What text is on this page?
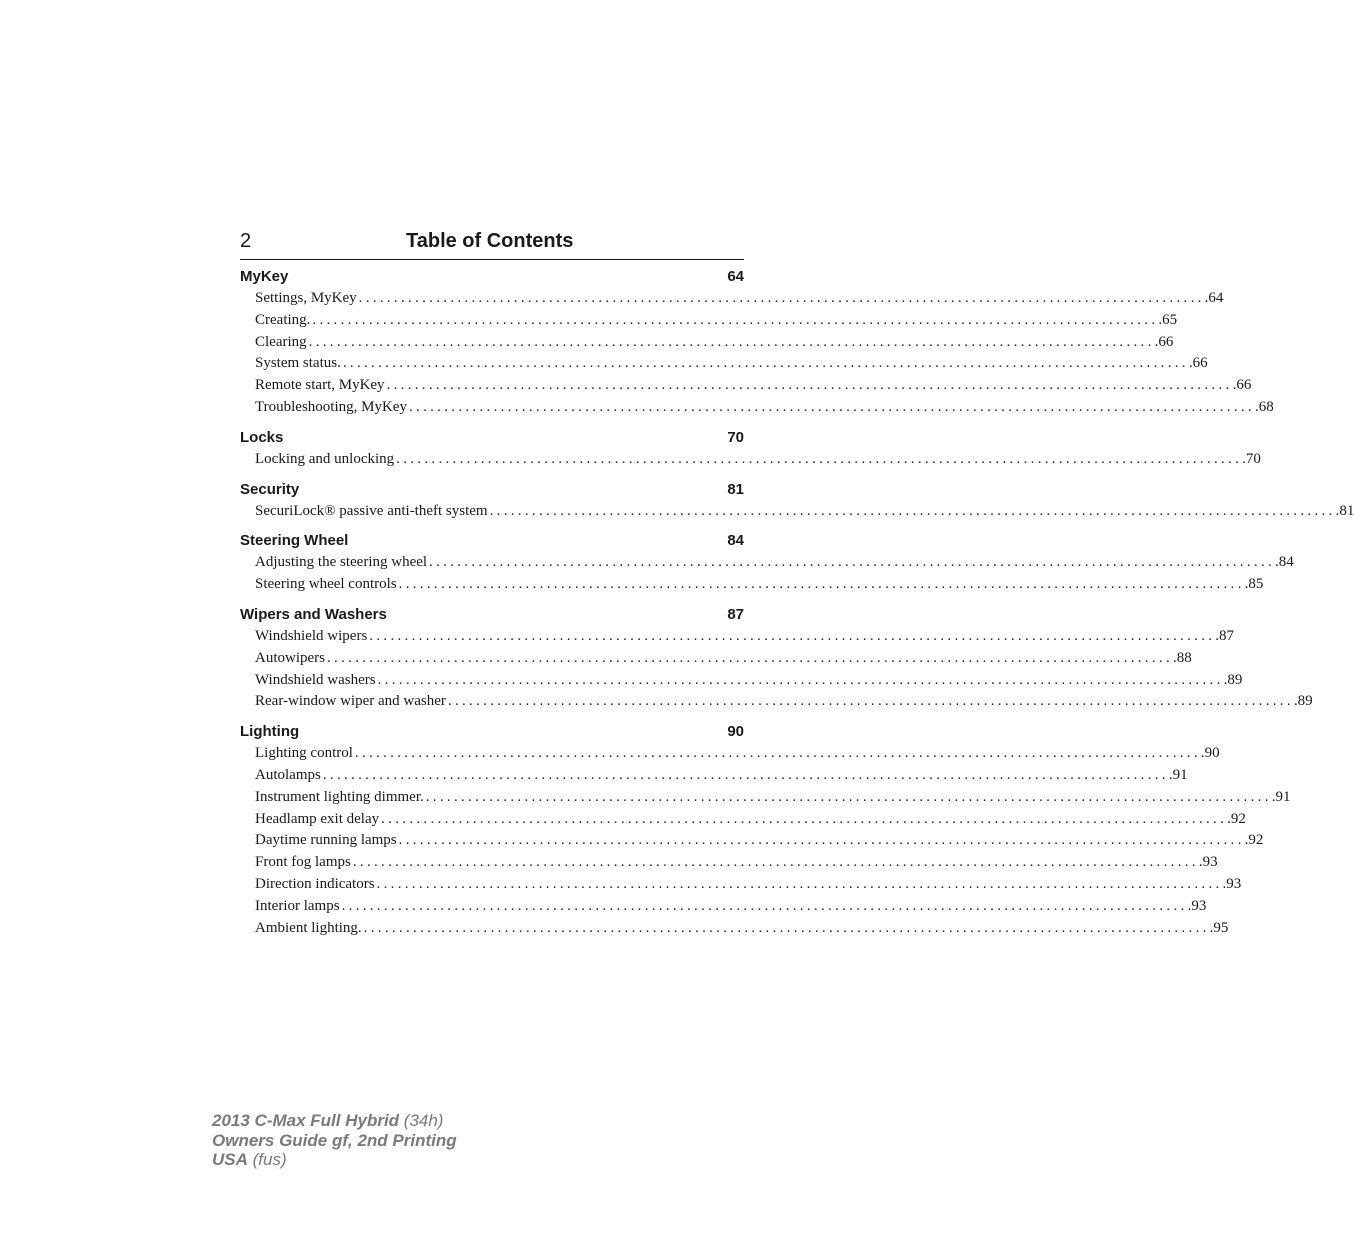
2	Table of Contents
MyKey	64
Settings, MyKey ........................................................................................................................ .64
Creating. ........................................................................................................................ .65
Clearing ........................................................................................................................ .66
System status. ........................................................................................................................ .66
Remote start, MyKey ........................................................................................................................ .66
Troubleshooting, MyKey ........................................................................................................................ .68
Locks	70
Locking and unlocking ........................................................................................................................ .70
Security	81
SecuriLock® passive anti-theft system ........................................................................................................................ .81
Steering Wheel	84
Adjusting the steering wheel ........................................................................................................................ .84
Steering wheel controls ........................................................................................................................ .85
Wipers and Washers	87
Windshield wipers ........................................................................................................................ .87
Autowipers ........................................................................................................................ .88
Windshield washers ........................................................................................................................ .89
Rear-window wiper and washer ........................................................................................................................ .89
Lighting	90
Lighting control ........................................................................................................................ .90
Autolamps ........................................................................................................................ .91
Instrument lighting dimmer. ........................................................................................................................ .91
Headlamp exit delay ........................................................................................................................ .92
Daytime running lamps ........................................................................................................................ .92
Front fog lamps ........................................................................................................................ .93
Direction indicators ........................................................................................................................ .93
Interior lamps ........................................................................................................................ .93
Ambient lighting. ........................................................................................................................ .95
2013 C-Max Full Hybrid (34h)
Owners Guide gf, 2nd Printing
USA (fus)
